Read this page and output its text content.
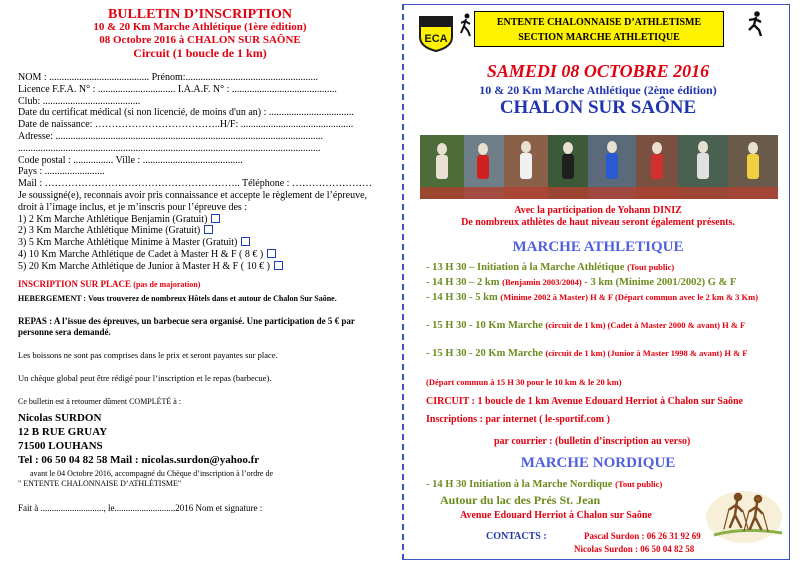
BULLETIN D’INSCRIPTION
10 & 20 Km Marche Athlétique (1ère édition)
08 Octobre 2016 à CHALON SUR SAÔNE
Circuit (1 boucle de 1 km)
NOM : ........................................ Prénom:.....................................................
Licence F.F.A. N° : ............................... I.A.A.F. N° : ..........................................
Club: .......................................
Date du certificat médical (si non licencié, de moins d'un an) : ..................................
Date de naissance: ………………………………..H/F: .............................................
Adresse: ...........................................................................................................
.........................................................................................................................
Code postal : ................ Ville : ........................................
Pays : ........................
Mail : ………………………………………………….. Téléphone : ……………………
Je soussigné(e), reconnais avoir pris connaissance et accepte le règlement de l’épreuve,
droit à l’image inclus, et je m’inscris pour l’épreuve des :
1) 2 Km Marche Athlétique Benjamin (Gratuit)
2) 3 Km Marche Athlétique Minime (Gratuit)
3) 5 Km Marche Athlétique Minime à Master (Gratuit)
4) 10 Km Marche Athlétique de Cadet à Master H & F ( 8 € )
5) 20 Km Marche Athlétique de Junior à Master H & F ( 10 € )
INSCRIPTION SUR PLACE (pas de majoration)
HEBERGEMENT : Vous trouverez de nombreux Hôtels dans et autour de Chalon Sur Saône.
REPAS : A l’issue des épreuves, un barbecue sera organisé. Une participation de 5 € par personne sera demandé.
Les boissons ne sont pas comprises dans le prix et seront payantes sur place.
Un chèque global peut être rédigé pour l’inscription et le repas (barbecue).
Ce bulletin est à retourner dûment COMPLÉTÉ à :
Nicolas SURDON
12 B RUE GRUAY
71500 LOUHANS
Tel : 06 50 04 82 58 Mail : nicolas.surdon@yahoo.fr
avant le 04 Octobre 2016, accompagné du Chèque d’inscription à l’ordre de
" ENTENTE CHALONNAISE D’ATHLÉTISME"
Fait à ............................, le...........................2016 Nom et signature :
ECA
ENTENTE CHALONNAISE D’ATHLETISME
SECTION MARCHE ATHLETIQUE
SAMEDI 08 OCTOBRE 2016
10 & 20 Km Marche Athlétique (2ème édition)
CHALON SUR SAÔNE
Avec la participation de Yohann DINIZ
De nombreux athlètes de haut niveau seront également présents.
MARCHE ATHLETIQUE
- 13 H 30 – Initiation à la Marche Athlétique (Tout public)
- 14 H 30 – 2 km (Benjamin 2003/2004) - 3 km (Minime 2001/2002) G & F
- 14 H 30 - 5 km (Minime 2002 à Master) H & F (Départ commun avec le 2 km & 3 Km)
- 15 H 30 - 10 Km Marche (circuit de 1 km) (Cadet à Master 2000 & avant) H & F
- 15 H 30 - 20 Km Marche (circuit de 1 km) (Junior à Master 1998 & avant) H & F
(Départ commun à 15 H 30 pour le 10 km & le 20 km)
CIRCUIT : 1 boucle de 1 km Avenue Edouard Herriot à Chalon sur Saône
Inscriptions : par internet ( le-sportif.com )
par courrier : (bulletin d’inscription au verso)
MARCHE NORDIQUE
- 14 H 30 Initiation à la Marche Nordique (Tout public)
Autour du lac des Prés St. Jean
Avenue Edouard Herriot à Chalon sur Saône
CONTACTS :	Pascal Surdon : 06 26 31 92 69
Nicolas Surdon : 06 50 04 82 58
